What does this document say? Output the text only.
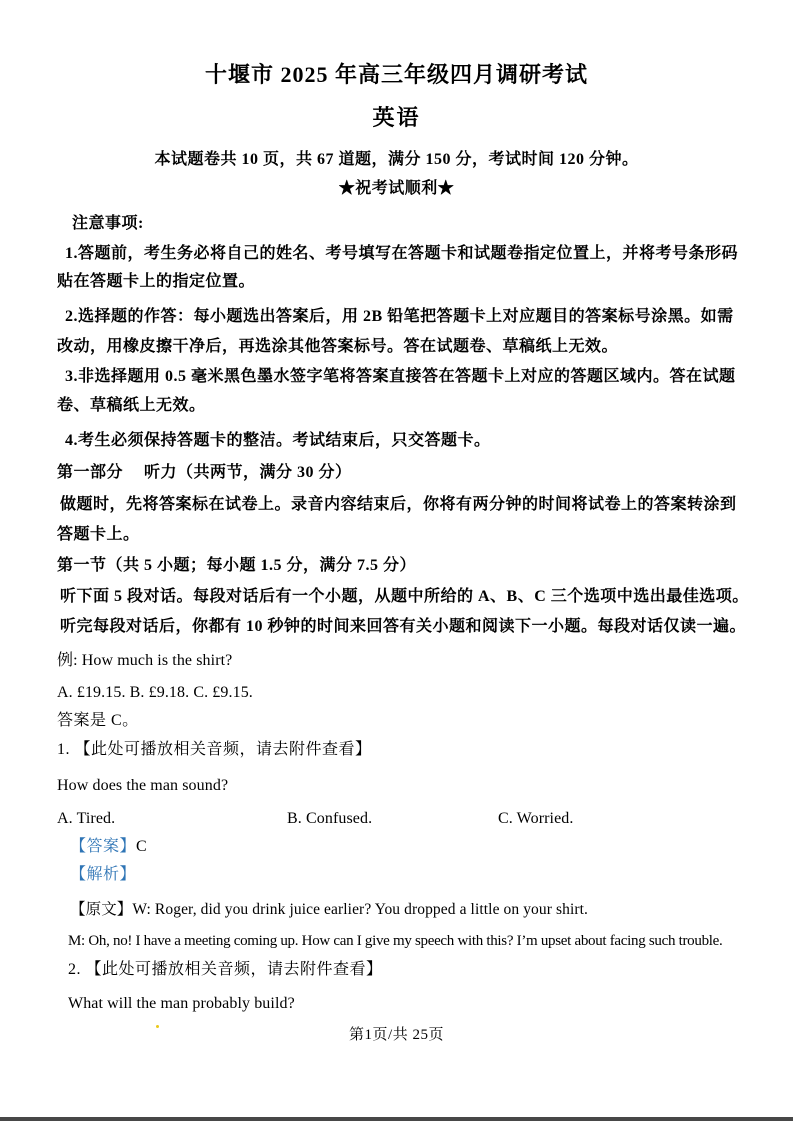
十堰市 2025 年高三年级四月调研考试
英语
本试题卷共 10 页，共 67 道题，满分 150 分，考试时间 120 分钟。
★祝考试顺利★
注意事项:
1.答题前，考生务必将自己的姓名、考号填写在答题卡和试题卷指定位置上，并将考号条形码
贴在答题卡上的指定位置。
2.选择题的作答：每小题选出答案后，用 2B 铅笔把答题卡上对应题目的答案标号涂黑。如需
改动，用橡皮擦干净后，再选涂其他答案标号。答在试题卷、草稿纸上无效。
3.非选择题用 0.5 毫米黑色墨水签字笔将答案直接答在答题卡上对应的答题区域内。答在试题
卷、草稿纸上无效。
4.考生必须保持答题卡的整洁。考试结束后，只交答题卡。
第一部分　 听力（共两节，满分 30 分）
做题时，先将答案标在试卷上。录音内容结束后，你将有两分钟的时间将试卷上的答案转涂到
答题卡上。
第一节（共 5 小题；每小题 1.5 分，满分 7.5 分）
听下面 5 段对话。每段对话后有一个小题，从题中所给的 A、B、C 三个选项中选出最佳选项。
听完每段对话后，你都有 10 秒钟的时间来回答有关小题和阅读下一小题。每段对话仅读一遍。
例: How much is the shirt?
A. £19.15. B. £9.18. C. £9.15.
答案是 C。
1. 【此处可播放相关音频，请去附件查看】
How does the man sound?
A. Tired.	B. Confused.	C. Worried.
【答案】C
【解析】
【原文】W: Roger, did you drink juice earlier? You dropped a little on your shirt.
M: Oh, no! I have a meeting coming up. How can I give my speech with this? I’m upset about facing such trouble.
2. 【此处可播放相关音频，请去附件查看】
What will the man probably build?
第1页/共 25页
